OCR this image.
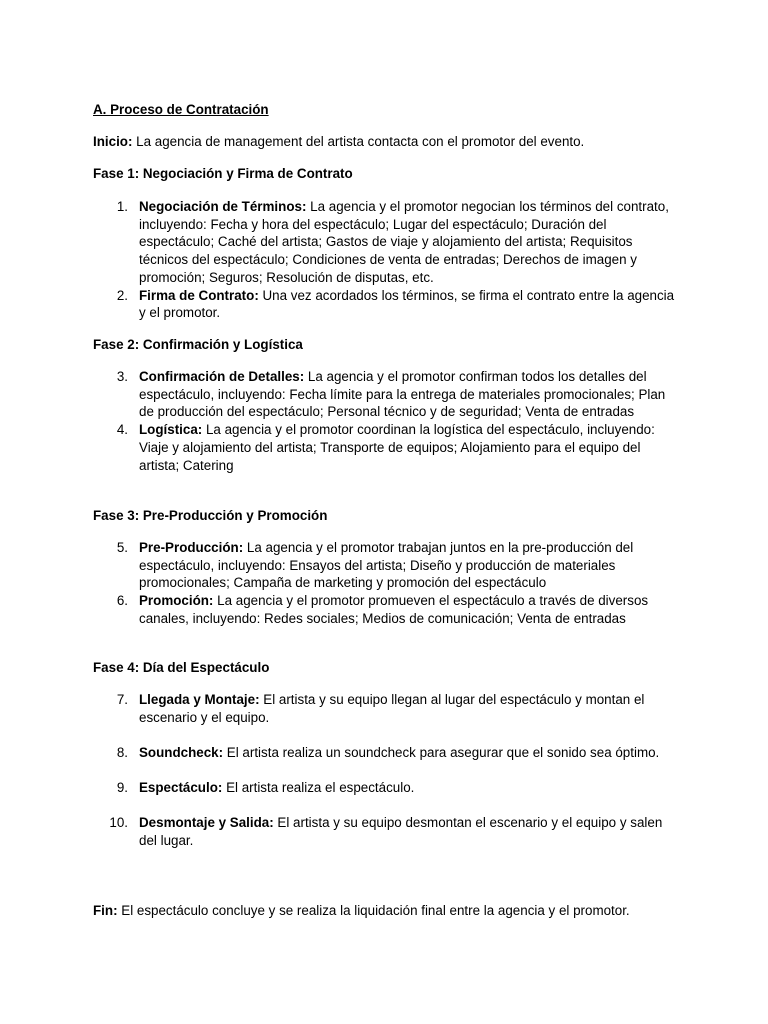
A. Proceso de Contratación

Inicio: La agencia de management del artista contacta con el promotor del evento.

Fase 1: Negociación y Firma de Contrato

1. Negociación de Términos: La agencia y el promotor negocian los términos del contrato, incluyendo: Fecha y hora del espectáculo; Lugar del espectáculo; Duración del espectáculo; Caché del artista; Gastos de viaje y alojamiento del artista; Requisitos técnicos del espectáculo; Condiciones de venta de entradas; Derechos de imagen y promoción; Seguros; Resolución de disputas, etc.
2. Firma de Contrato: Una vez acordados los términos, se firma el contrato entre la agencia y el promotor.

Fase 2: Confirmación y Logística

3. Confirmación de Detalles: La agencia y el promotor confirman todos los detalles del espectáculo, incluyendo: Fecha límite para la entrega de materiales promocionales; Plan de producción del espectáculo; Personal técnico y de seguridad; Venta de entradas
4. Logística: La agencia y el promotor coordinan la logística del espectáculo, incluyendo: Viaje y alojamiento del artista; Transporte de equipos; Alojamiento para el equipo del artista; Catering

Fase 3: Pre-Producción y Promoción

5. Pre-Producción: La agencia y el promotor trabajan juntos en la pre-producción del espectáculo, incluyendo: Ensayos del artista; Diseño y producción de materiales promocionales; Campaña de marketing y promoción del espectáculo
6. Promoción: La agencia y el promotor promueven el espectáculo a través de diversos canales, incluyendo: Redes sociales; Medios de comunicación; Venta de entradas

Fase 4: Día del Espectáculo

7. Llegada y Montaje: El artista y su equipo llegan al lugar del espectáculo y montan el escenario y el equipo.
8. Soundcheck: El artista realiza un soundcheck para asegurar que el sonido sea óptimo.
9. Espectáculo: El artista realiza el espectáculo.
10. Desmontaje y Salida: El artista y su equipo desmontan el escenario y el equipo y salen del lugar.

Fin: El espectáculo concluye y se realiza la liquidación final entre la agencia y el promotor.
